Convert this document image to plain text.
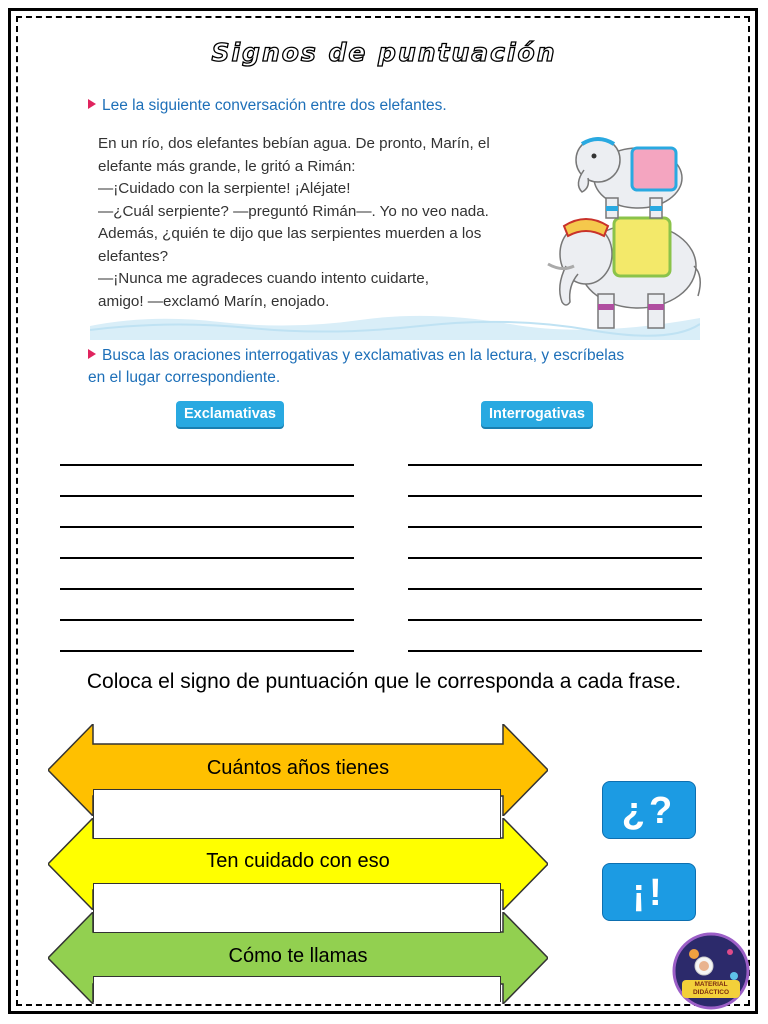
Signos de puntuación
Lee la siguiente conversación entre dos elefantes.
En un río, dos elefantes bebían agua. De pronto, Marín, el
elefante más grande, le gritó a Rimán:
—¡Cuidado con la serpiente! ¡Aléjate!
—¿Cuál serpiente? —preguntó Rimán—. Yo no veo nada.
Además, ¿quién te dijo que las serpientes muerden a los
elefantes?
—¡Nunca me agradeces cuando intento cuidarte,
amigo! —exclamó Marín, enojado.
Busca las oraciones interrogativas y exclamativas en la lectura, y escríbelas
en el lugar correspondiente.
Exclamativas	Interrogativas
Coloca el signo de puntuación que le corresponda a cada frase.
Cuántos años tienes
Ten cuidado con eso
Cómo te llamas
¿?
¡!
MATERIAL DIDÁCTICO
